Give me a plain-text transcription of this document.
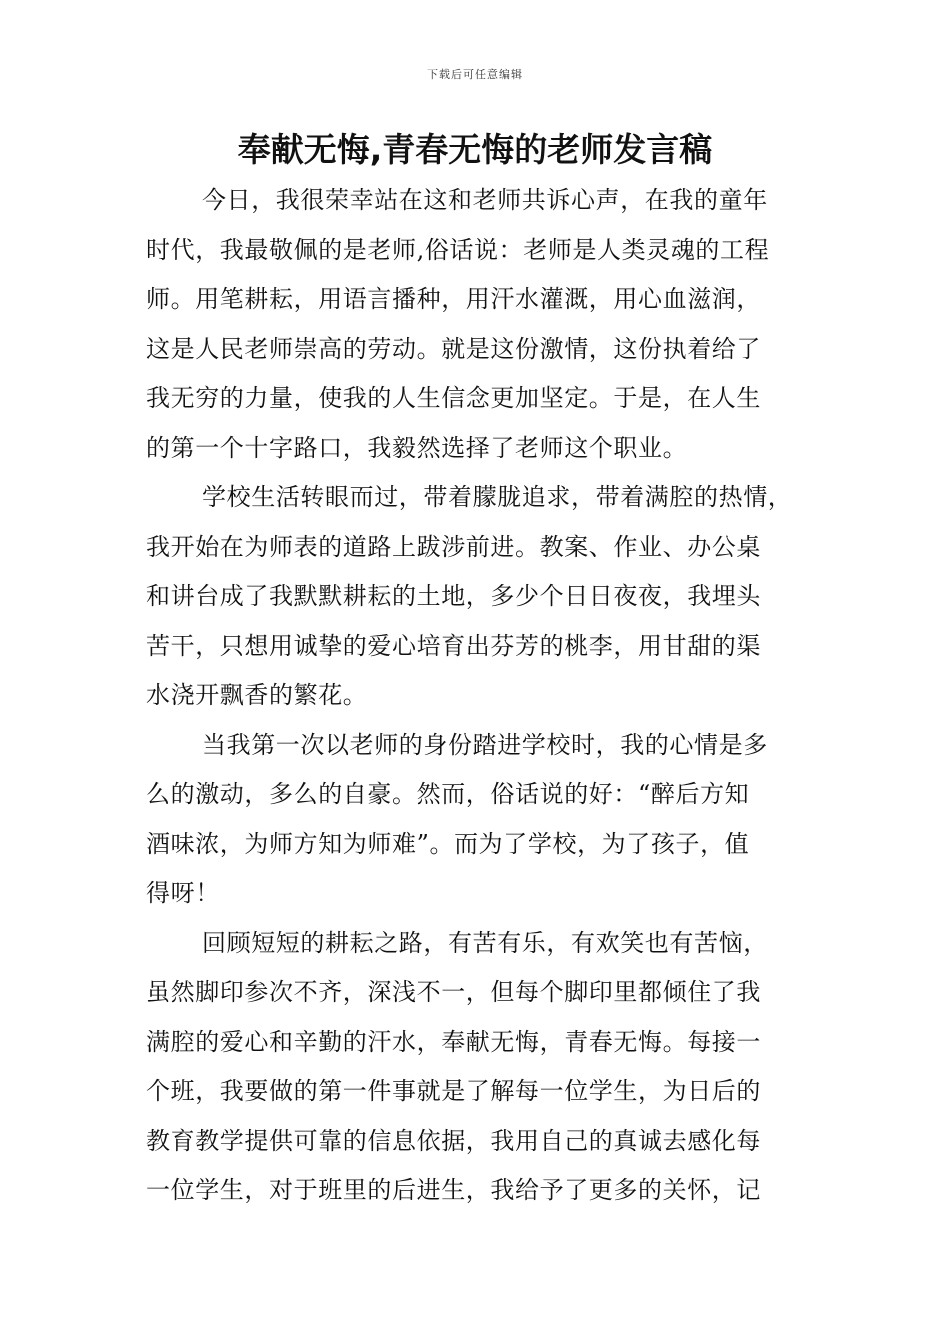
下载后可任意编辑
奉献无悔,青春无悔的老师发言稿
今日，我很荣幸站在这和老师共诉心声，在我的童年
时代，我最敬佩的是老师,俗话说：老师是人类灵魂的工程
师。用笔耕耘，用语言播种，用汗水灌溉，用心血滋润，
这是人民老师崇高的劳动。就是这份激情，这份执着给了
我无穷的力量，使我的人生信念更加坚定。于是，在人生
的第一个十字路口，我毅然选择了老师这个职业。
学校生活转眼而过，带着朦胧追求，带着满腔的热情，
我开始在为师表的道路上跋涉前进。教案、作业、办公桌
和讲台成了我默默耕耘的土地，多少个日日夜夜，我埋头
苦干，只想用诚挚的爱心培育出芬芳的桃李，用甘甜的渠
水浇开飘香的繁花。
当我第一次以老师的身份踏进学校时，我的心情是多
么的激动，多么的自豪。然而，俗话说的好：“醉后方知
酒味浓，为师方知为师难”。而为了学校，为了孩子，值
得呀！
回顾短短的耕耘之路，有苦有乐，有欢笑也有苦恼，
虽然脚印参次不齐，深浅不一，但每个脚印里都倾住了我
满腔的爱心和辛勤的汗水，奉献无悔，青春无悔。每接一
个班，我要做的第一件事就是了解每一位学生，为日后的
教育教学提供可靠的信息依据，我用自己的真诚去感化每
一位学生，对于班里的后进生，我给予了更多的关怀，记
